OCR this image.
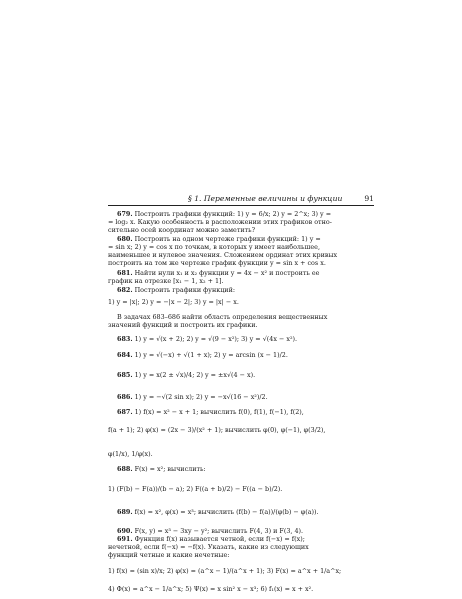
§ 1. Переменные величины и функции	91
679. Построить графики функций: 1) y = 6/x; 2) y = 2^x; 3) y =
= log₂ x. Какую особенность в расположении этих графиков отно-
сительно осей координат можно заметить?
680. Построить на одном чертеже графики функций: 1) y =
= sin x; 2) y = cos x по точкам, в которых y имеет наибольшее,
наименьшее и нулевое значения. Сложением ординат этих кривых
построить на том же чертеже график функции y = sin x + cos x.
681. Найти нули x₁ и x₂ функции y = 4x − x² и построить ее
график на отрезке [x₁ − 1, x₂ + 1].
682. Построить графики функций:
1) y = |x|; 2) y = −|x − 2|; 3) y = |x| − x.
В задачах 683–686 найти область определения вещественных
значений функций и построить их графики.
683. 1) y = √(x + 2); 2) y = √(9 − x²); 3) y = √(4x − x²).
684. 1) y = √(−x) + √(1 + x); 2) y = arcsin (x − 1)/2.
685. 1) y = x(2 ± √x)/4; 2) y = ±x√(4 − x).
686. 1) y = −√(2 sin x); 2) y = −x√(16 − x²)/2.
687. 1) f(x) = x² − x + 1; вычислить f(0), f(1), f(−1), f(2),
f(a + 1); 2) φ(x) = (2x − 3)/(x² + 1); вычислить φ(0), φ(−1), φ(3/2),
φ(1/x), 1/φ(x).
688. F(x) = x²; вычислить:
1) (F(b) − F(a))/(b − a); 2) F((a + b)/2) − F((a − b)/2).
689. f(x) = x², φ(x) = x³; вычислить (f(b) − f(a))/(φ(b) − φ(a)).
690. F(x, y) = x³ − 3xy − y²; вычислить F(4, 3) и F(3, 4).
691. Функция f(x) называется четной, если f(−x) = f(x);
нечетной, если f(−x) = −f(x). Указать, какие из следующих
функций четные и какие нечетные:
1) f(x) = (sin x)/x; 2) φ(x) = (a^x − 1)/(a^x + 1); 3) F(x) = a^x + 1/a^x;
4) Φ(x) = a^x − 1/a^x; 5) Ψ(x) = x sin² x − x³; 6) f₁(x) = x + x².
